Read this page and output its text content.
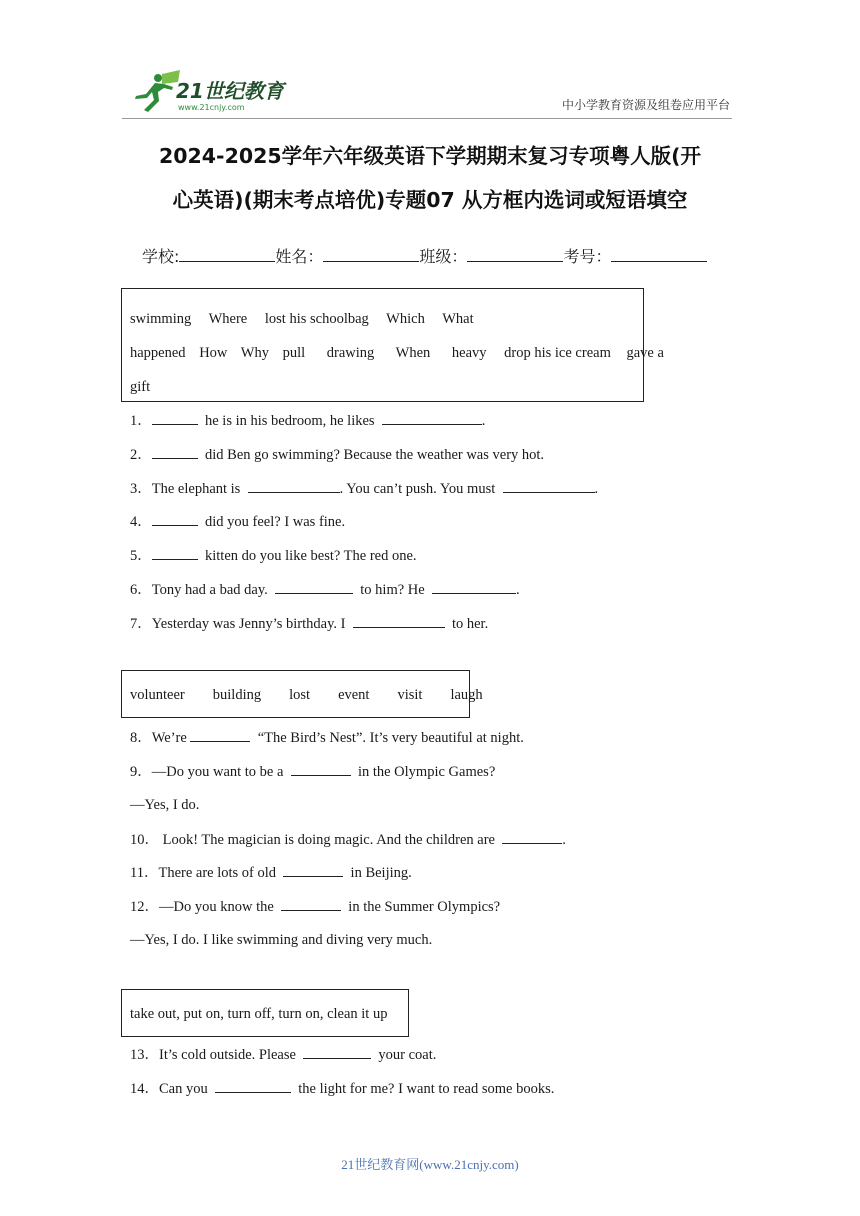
21世纪教育
www.21cnjy.com	中小学教育资源及组卷应用平台
2024-2025学年六年级英语下学期期末复习专项粤人版(开
心英语)(期末考点培优)专题07 从方框内选词或短语填空
学校:	姓名：	班级：	考号：
swimming Where lost his schoolbag Which What
happened How Why pull drawing When heavy drop his ice cream gave a
gift
1．	he is in his bedroom, he likes	.
2．	did Ben go swimming? Because the weather was very hot.
3．The elephant is	. You can’t push. You must	.
4．	did you feel? I was fine.
5．	kitten do you like best? The red one.
6．Tony had a bad day.	to him? He	.
7．Yesterday was Jenny’s birthday. I	to her.
volunteer building lost event visit laugh
8．We’re	“The Bird’s Nest”. It’s very beautiful at night.
9．—Do you want to be a	in the Olympic Games?
—Yes, I do.
10． Look! The magician is doing magic. And the children are	.
11．There are lots of old	in Beijing.
12．—Do you know the	in the Summer Olympics?
—Yes, I do. I like swimming and diving very much.
take out, put on, turn off, turn on, clean it up
13．It’s cold outside. Please	your coat.
14．Can you	the light for me? I want to read some books.
21世纪教育网(www.21cnjy.com)
